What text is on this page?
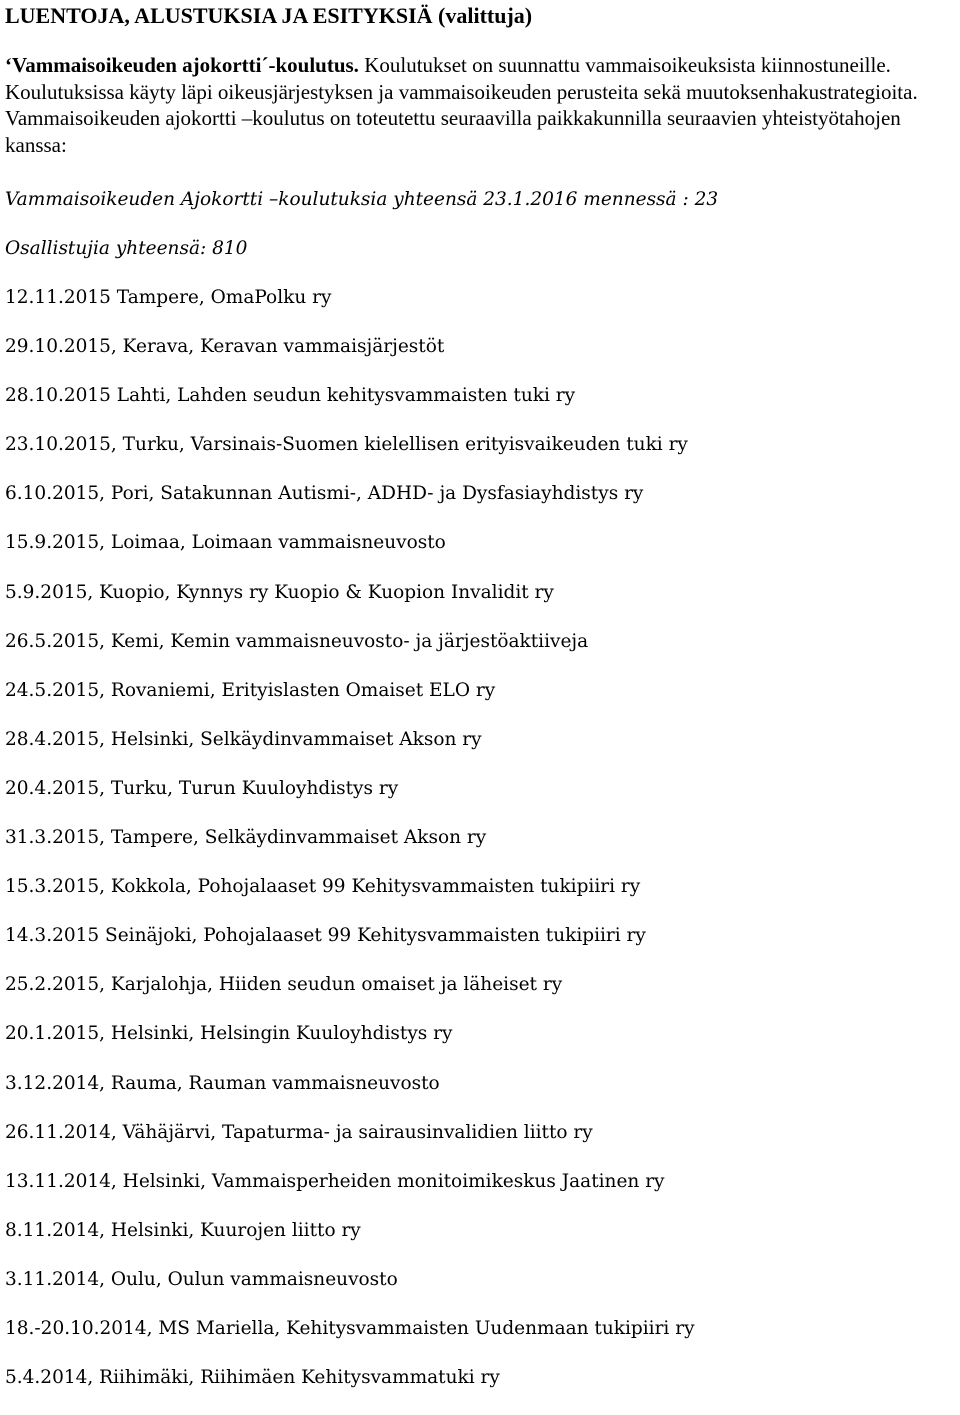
LUENTOJA, ALUSTUKSIA JA ESITYKSIÄ (valittuja)

‘Vammaisoikeuden ajokortti´-koulutus. Koulutukset on suunnattu vammaisoikeuksista kiinnostuneille. Koulutuksissa käyty läpi oikeusjärjestyksen ja vammaisoikeuden perusteita sekä muutoksenhakustrategioita. Vammaisoikeuden ajokortti –koulutus on toteutettu seuraavilla paikkakunnilla seuraavien yhteistyötahojen kanssa:

Vammaisoikeuden Ajokortti –koulutuksia yhteensä 23.1.2016 mennessä : 23

Osallistujia yhteensä: 810

12.11.2015 Tampere, OmaPolku ry
29.10.2015, Kerava, Keravan vammaisjärjestöt
28.10.2015 Lahti, Lahden seudun kehitysvammaisten tuki ry
23.10.2015, Turku, Varsinais-Suomen kielellisen erityisvaikeuden tuki ry
6.10.2015, Pori, Satakunnan Autismi-, ADHD- ja Dysfasiayhdistys ry
15.9.2015, Loimaa, Loimaan vammaisneuvosto
5.9.2015, Kuopio, Kynnys ry Kuopio & Kuopion Invalidit ry
26.5.2015, Kemi, Kemin vammaisneuvosto- ja järjestöaktiiveja
24.5.2015, Rovaniemi, Erityislasten Omaiset ELO ry
28.4.2015, Helsinki, Selkäydinvammaiset Akson ry
20.4.2015, Turku, Turun Kuuloyhdistys ry
31.3.2015, Tampere, Selkäydinvammaiset Akson ry
15.3.2015, Kokkola, Pohojalaaset 99 Kehitysvammaisten tukipiiri ry
14.3.2015 Seinäjoki, Pohojalaaset 99 Kehitysvammaisten tukipiiri ry
25.2.2015, Karjalohja, Hiiden seudun omaiset ja läheiset ry
20.1.2015, Helsinki, Helsingin Kuuloyhdistys ry
3.12.2014, Rauma, Rauman vammaisneuvosto
26.11.2014, Vähäjärvi, Tapaturma- ja sairausinvalidien liitto ry
13.11.2014, Helsinki, Vammaisperheiden monitoimikeskus Jaatinen ry
8.11.2014, Helsinki, Kuurojen liitto ry
3.11.2014, Oulu, Oulun vammaisneuvosto
18.-20.10.2014, MS Mariella, Kehitysvammaisten Uudenmaan tukipiiri ry
5.4.2014, Riihimäki, Riihimäen Kehitysvammatuki ry
